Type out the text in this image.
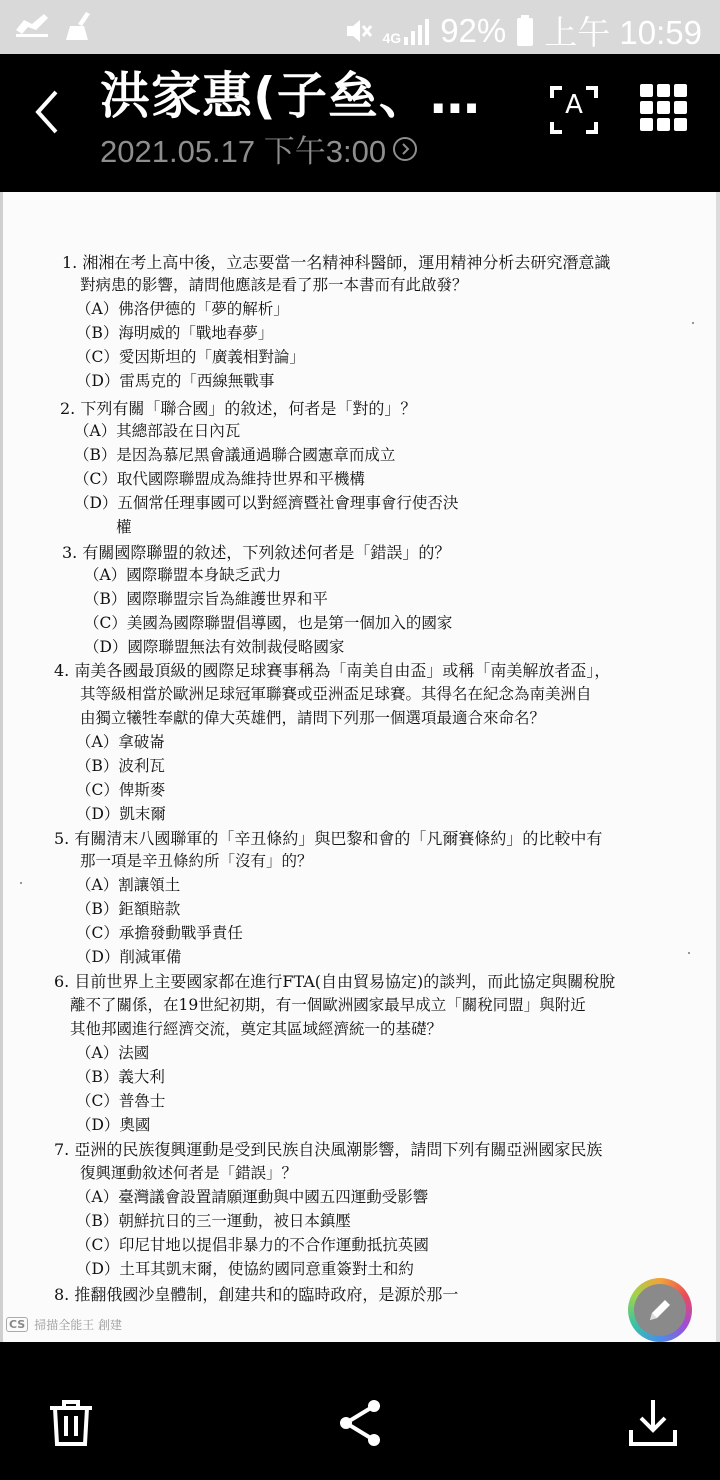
4G 92% 上午 10:59
洪家惠(子亝、…
2021.05.17 下午3:00
A
1. 湘湘在考上高中後，立志要當一名精神科醫師，運用精神分析去研究潛意識
對病患的影響，請問他應該是看了那一本書而有此啟發？
（A）佛洛伊德的「夢的解析」
（B）海明威的「戰地春夢」
（C）愛因斯坦的「廣義相對論」
（D）雷馬克的「西線無戰事
2. 下列有關「聯合國」的敘述，何者是「對的」？
（A）其總部設在日內瓦
（B）是因為慕尼黑會議通過聯合國憲章而成立
（C）取代國際聯盟成為維持世界和平機構
（D）五個常任理事國可以對經濟暨社會理事會行使否決
權
3. 有關國際聯盟的敘述，下列敘述何者是「錯誤」的？
（A）國際聯盟本身缺乏武力
（B）國際聯盟宗旨為維護世界和平
（C）美國為國際聯盟倡導國，也是第一個加入的國家
（D）國際聯盟無法有效制裁侵略國家
4. 南美各國最頂級的國際足球賽事稱為「南美自由盃」或稱「南美解放者盃」，
其等級相當於歐洲足球冠軍聯賽或亞洲盃足球賽。其得名在紀念為南美洲自
由獨立犧牲奉獻的偉大英雄們，請問下列那一個選項最適合來命名？
（A）拿破崙
（B）波利瓦
（C）俾斯麥
（D）凱末爾
5. 有關清末八國聯軍的「辛丑條約」與巴黎和會的「凡爾賽條約」的比較中有
那一項是辛丑條約所「沒有」的？
（A）割讓領土
（B）鉅額賠款
（C）承擔發動戰爭責任
（D）削減軍備
6. 目前世界上主要國家都在進行FTA(自由貿易協定)的談判，而此協定與關稅脫
離不了關係，在19世紀初期，有一個歐洲國家最早成立「關稅同盟」與附近
其他邦國進行經濟交流，奠定其區域經濟統一的基礎？
（A）法國
（B）義大利
（C）普魯士
（D）奧國
7. 亞洲的民族復興運動是受到民族自決風潮影響，請問下列有關亞洲國家民族
復興運動敘述何者是「錯誤」？
（A）臺灣議會設置請願運動與中國五四運動受影響
（B）朝鮮抗日的三一運動，被日本鎮壓
（C）印尼甘地以提倡非暴力的不合作運動抵抗英國
（D）土耳其凱末爾，使協約國同意重簽對土和約
8. 推翻俄國沙皇體制，創建共和的臨時政府，是源於那一
CS 掃描全能王 創建
